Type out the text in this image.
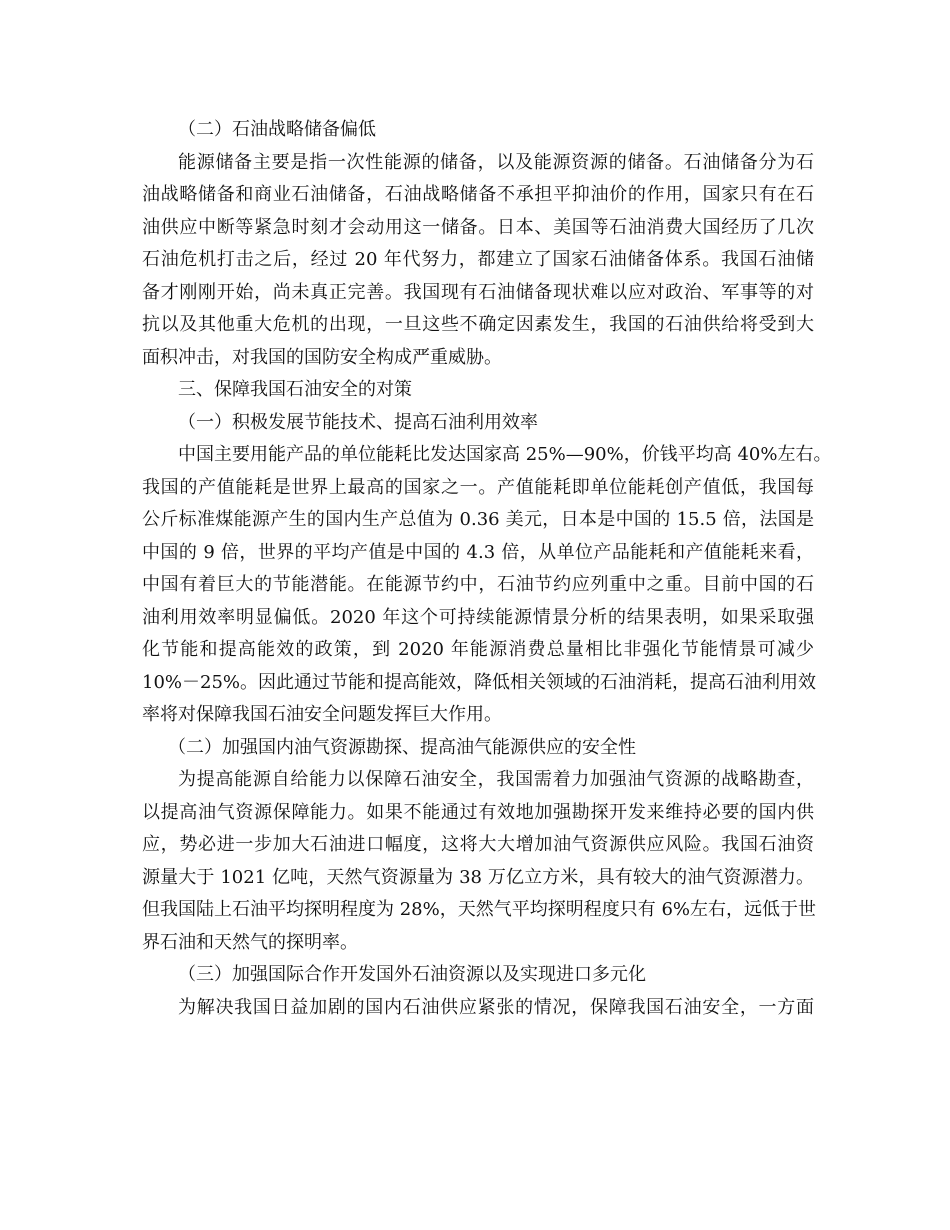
（二）石油战略储备偏低
能源储备主要是指一次性能源的储备，以及能源资源的储备。石油储备分为石
油战略储备和商业石油储备，石油战略储备不承担平抑油价的作用，国家只有在石
油供应中断等紧急时刻才会动用这一储备。日本、美国等石油消费大国经历了几次
石油危机打击之后，经过 20 年代努力，都建立了国家石油储备体系。我国石油储
备才刚刚开始，尚未真正完善。我国现有石油储备现状难以应对政治、军事等的对
抗以及其他重大危机的出现，一旦这些不确定因素发生，我国的石油供给将受到大
面积冲击，对我国的国防安全构成严重威胁。
三、保障我国石油安全的对策
（一）积极发展节能技术、提高石油利用效率
中国主要用能产品的单位能耗比发达国家高 25%—90%，价钱平均高 40%左右。
我国的产值能耗是世界上最高的国家之一。产值能耗即单位能耗创产值低，我国每
公斤标准煤能源产生的国内生产总值为 0.36 美元，日本是中国的 15.5 倍，法国是
中国的 9 倍，世界的平均产值是中国的 4.3 倍，从单位产品能耗和产值能耗来看，
中国有着巨大的节能潜能。在能源节约中，石油节约应列重中之重。目前中国的石
油利用效率明显偏低。2020 年这个可持续能源情景分析的结果表明，如果采取强
化节能和提高能效的政策，到 2020 年能源消费总量相比非强化节能情景可减少
10%－25%。因此通过节能和提高能效，降低相关领域的石油消耗，提高石油利用效
率将对保障我国石油安全问题发挥巨大作用。
（二）加强国内油气资源勘探、提高油气能源供应的安全性
为提高能源自给能力以保障石油安全，我国需着力加强油气资源的战略勘查，
以提高油气资源保障能力。如果不能通过有效地加强勘探开发来维持必要的国内供
应，势必进一步加大石油进口幅度，这将大大增加油气资源供应风险。我国石油资
源量大于 1021 亿吨，天然气资源量为 38 万亿立方米，具有较大的油气资源潜力。
但我国陆上石油平均探明程度为 28%，天然气平均探明程度只有 6%左右，远低于世
界石油和天然气的探明率。
（三）加强国际合作开发国外石油资源以及实现进口多元化
为解决我国日益加剧的国内石油供应紧张的情况，保障我国石油安全，一方面
